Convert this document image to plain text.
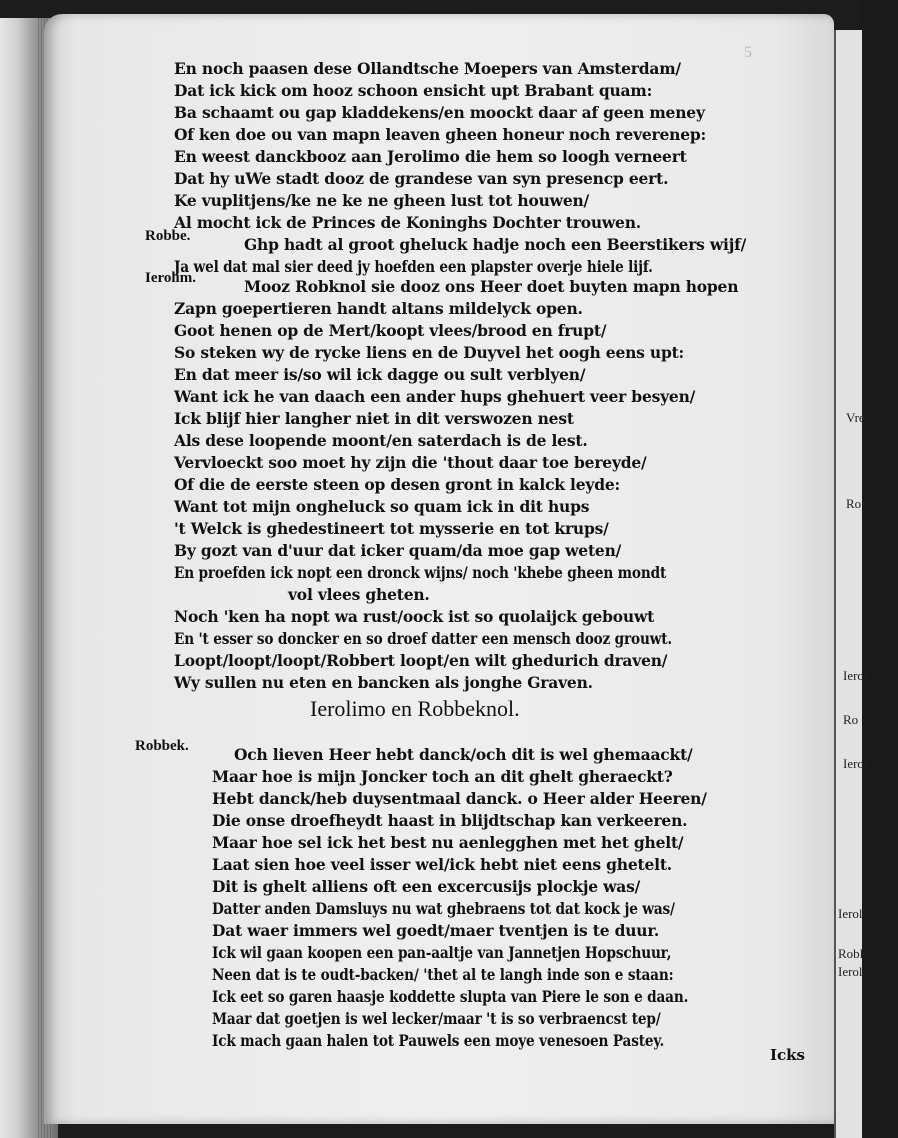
5
En noch paasen dese Ollandtsche Moepers van Amsterdam/
Dat ick kick om hooz schoon ensicht upt Brabant quam:
Ba schaamt ou gap kladdekens/en moockt daar af geen meney
Of ken doe ou van mapn leaven gheen honeur noch reverenep:
En weest danckbooz aan Jerolimo die hem so loogh verneert
Dat hy uWe stadt dooz de grandese van syn presencp eert.
Ke vuplitjens/ke ne ke ne gheen lust tot houwen/
Al mocht ick de Princes de Koninghs Dochter trouwen.
Robbe.	Ghp hadt al groot gheluck hadje noch een Beerstikers wijf/
Ja wel dat mal sier deed jy hoefden een plapster overje hiele lijf.
Ierolim.	Mooz Robknol sie dooz ons Heer doet buyten mapn hopen
Zapn goepertieren handt altans mildelyck open.
Goot henen op de Mert/koopt vlees/brood en frupt/
So steken wy de rycke liens en de Duyvel het oogh eens upt:
En dat meer is/so wil ick dagge ou sult verblyen/
Want ick he van daach een ander hups ghehuert veer besyen/
Ick blijf hier langher niet in dit verswozen nest
Als dese loopende moont/en saterdach is de lest.
Vervloeckt soo moet hy zijn die 'thout daar toe bereyde/
Of die de eerste steen op desen gront in kalck leyde:
Want tot mijn ongheluck so quam ick in dit hups
't Welck is ghedestineert tot mysserie en tot krups/
By gozt van d'uur dat icker quam/da moe gap weten/
En proefden ick nopt een dronck wijns/ noch 'khebe gheen mondt
vol vlees gheten.
Noch 'ken ha nopt wa rust/oock ist so quolaijck gebouwt
En 't esser so doncker en so droef datter een mensch dooz grouwt.
Loopt/loopt/loopt/Robbert loopt/en wilt ghedurich draven/
Wy sullen nu eten en bancken als jonghe Graven.
Ierolimo en Robbeknol.
Robbek.	Och lieven Heer hebt danck/och dit is wel ghemaackt/
Maar hoe is mijn Joncker toch an dit ghelt gheraeckt?
Hebt danck/heb duysentmaal danck. o Heer alder Heeren/
Die onse droefheydt haast in blijdtschap kan verkeeren.
Maar hoe sel ick het best nu aenlegghen met het ghelt/
Laat sien hoe veel isser wel/ick hebt niet eens ghetelt.
Dit is ghelt alliens oft een excercusijs plockje was/
Datter anden Damsluys nu wat ghebraens tot dat kock je was/
Dat waer immers wel goedt/maer tventjen is te duur.
Ick wil gaan koopen een pan-aaltje van Jannetjen Hopschuur,
Neen dat is te oudt-backen/ 'thet al te langh inde son e staan:
Ick eet so garen haasje koddette slupta van Piere le son e daan.
Maar dat goetjen is wel lecker/maar 't is so verbraencst tep/
Ick mach gaan halen tot Pauwels een moye venesoen Pastey.
Icks
Vre
Ro
Ierol
Ro
Ierol
Ierol
Robl
Ierol
